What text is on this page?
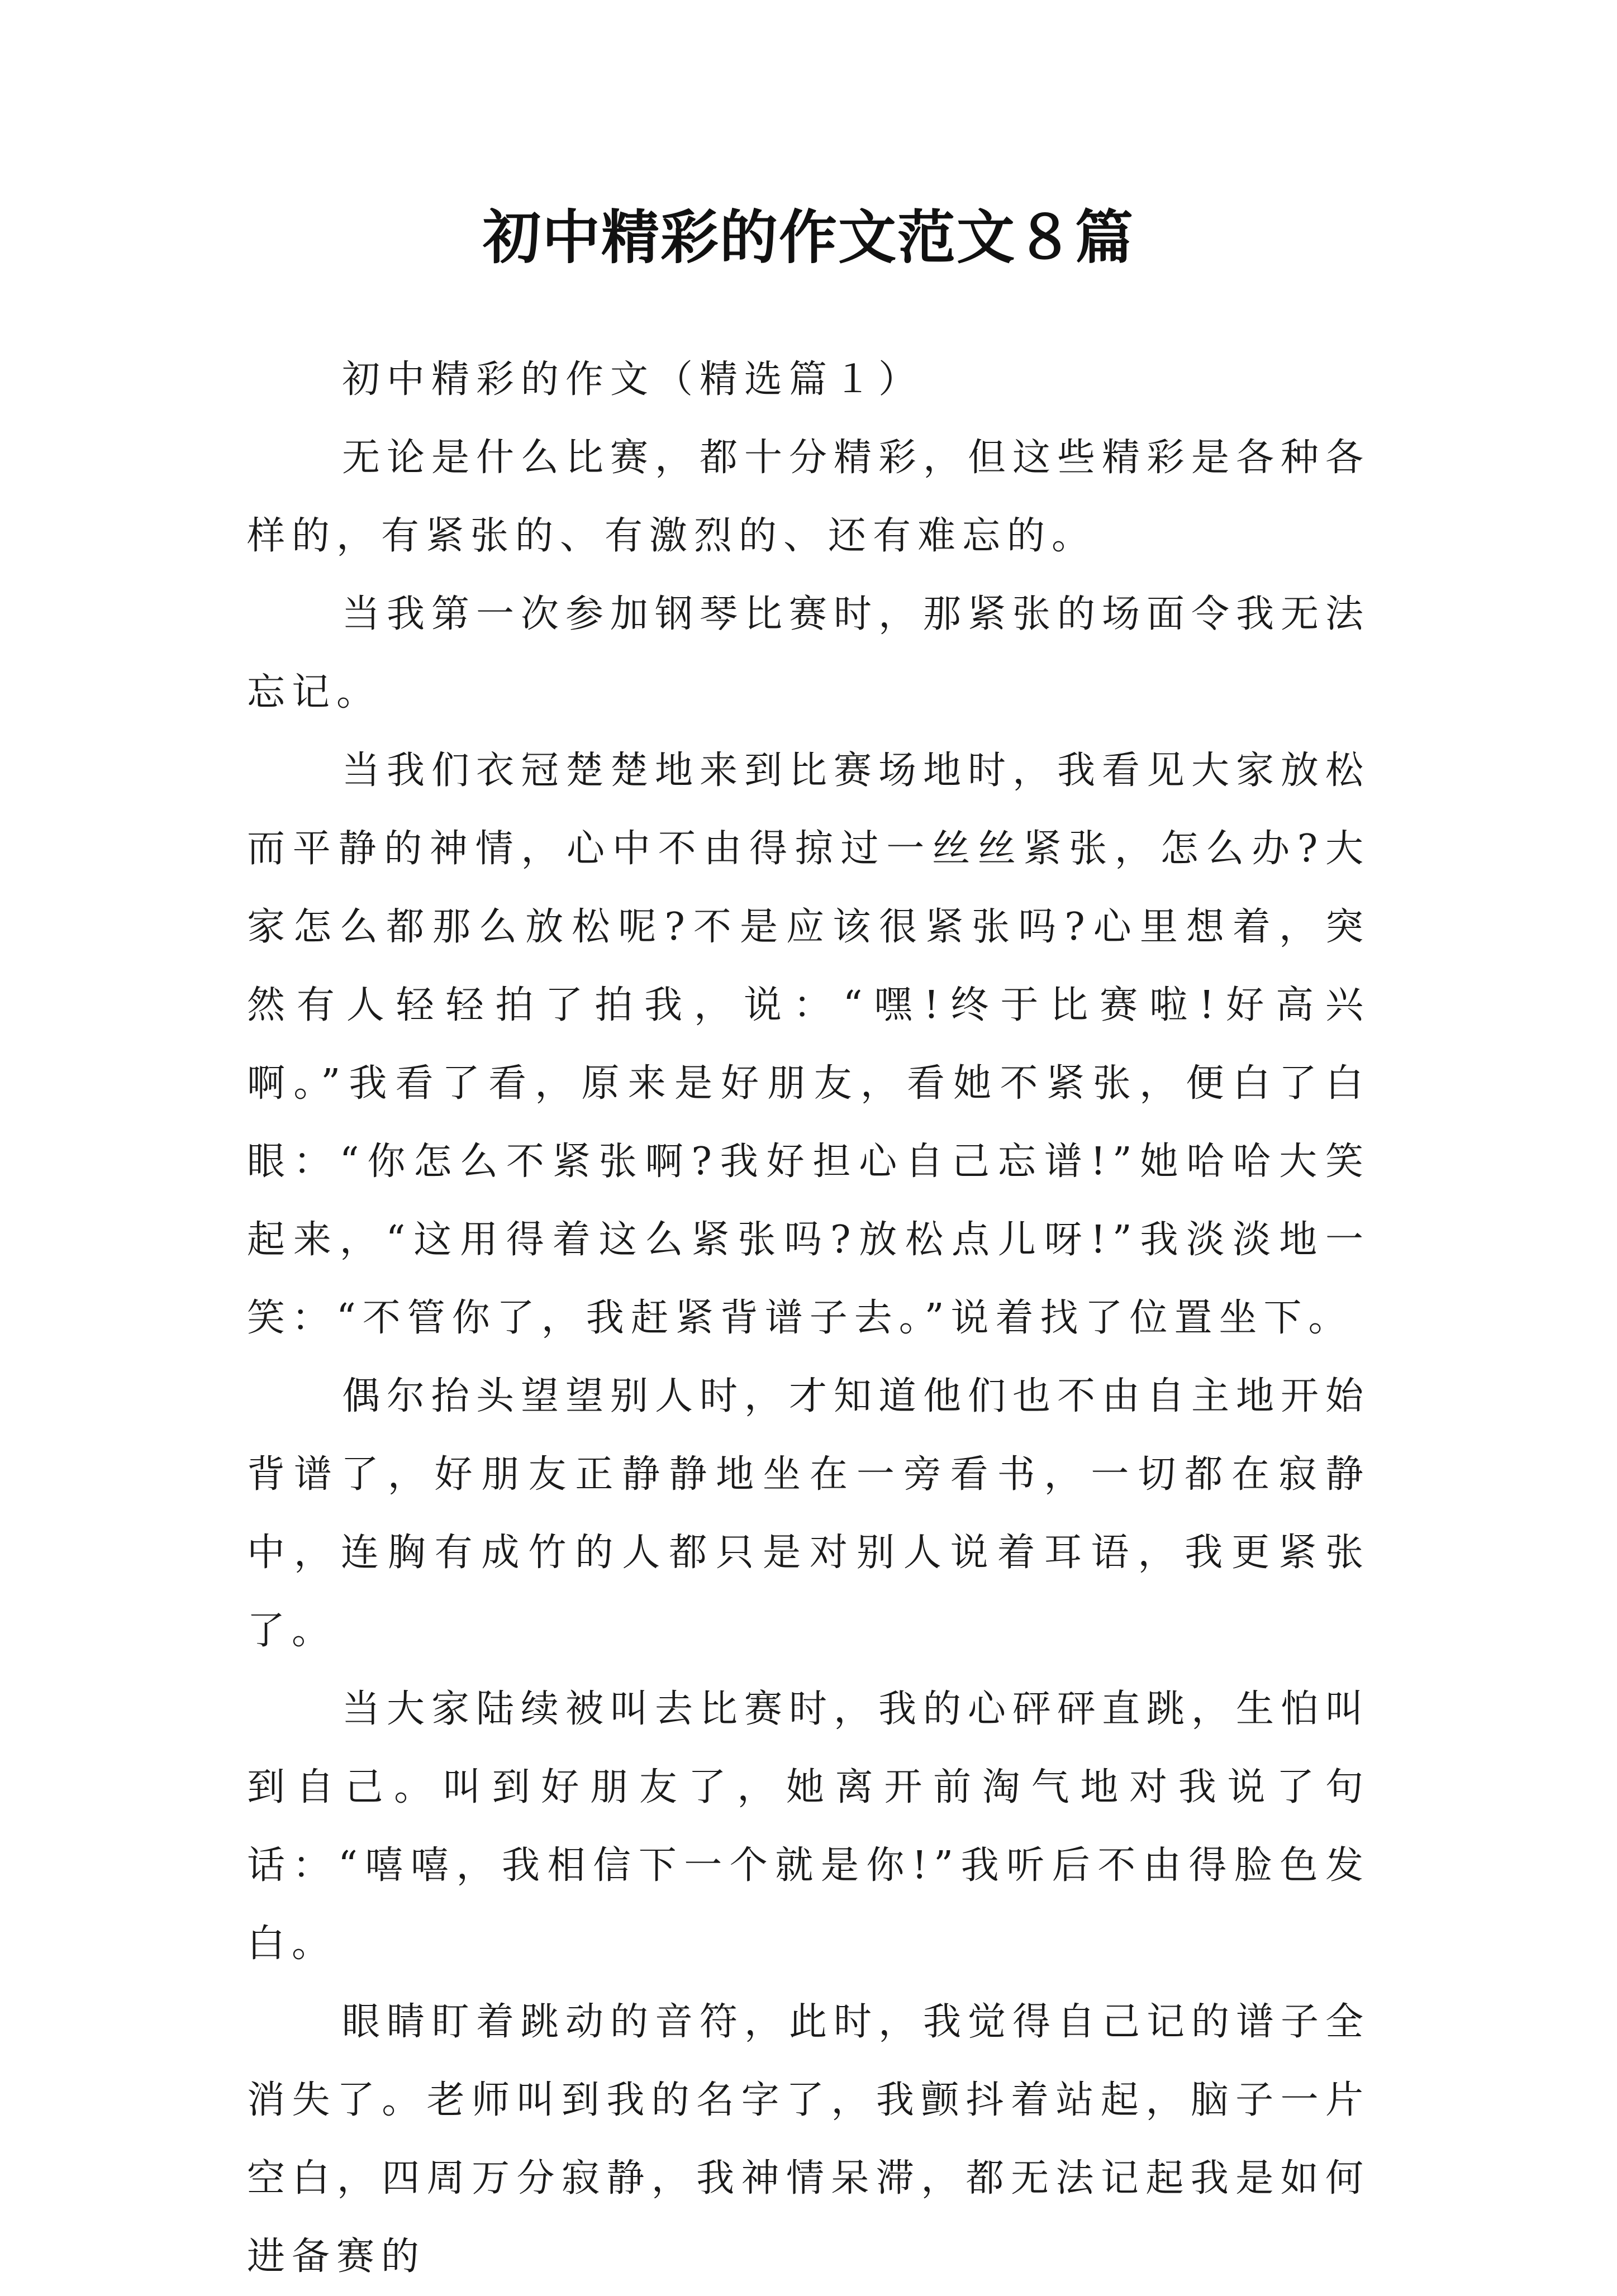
初中精彩的作文范文８篇

初中精彩的作文（精选篇１）

无论是什么比赛，都十分精彩，但这些精彩是各种各样的，有紧张的、有激烈的、还有难忘的。

当我第一次参加钢琴比赛时，那紧张的场面令我无法忘记。

当我们衣冠楚楚地来到比赛场地时，我看见大家放松而平静的神情，心中不由得掠过一丝丝紧张，怎么办?大家怎么都那么放松呢?不是应该很紧张吗?心里想着，突然有人轻轻拍了拍我，说：“嘿!终于比赛啦!好高兴啊。”我看了看，原来是好朋友，看她不紧张，便白了白眼：“你怎么不紧张啊?我好担心自己忘谱!”她哈哈大笑起来，“这用得着这么紧张吗?放松点儿呀!”我淡淡地一笑：“不管你了，我赶紧背谱子去。”说着找了位置坐下。

偶尔抬头望望别人时，才知道他们也不由自主地开始背谱了，好朋友正静静地坐在一旁看书，一切都在寂静中，连胸有成竹的人都只是对别人说着耳语，我更紧张了。

当大家陆续被叫去比赛时，我的心砰砰直跳，生怕叫到自己。叫到好朋友了，她离开前淘气地对我说了句话：“嘻嘻，我相信下一个就是你!”我听后不由得脸色发白。

眼睛盯着跳动的音符，此时，我觉得自己记的谱子全消失了。老师叫到我的名字了，我颤抖着站起，脑子一片空白，四周万分寂静，我神情呆滞，都无法记起我是如何进备赛的
